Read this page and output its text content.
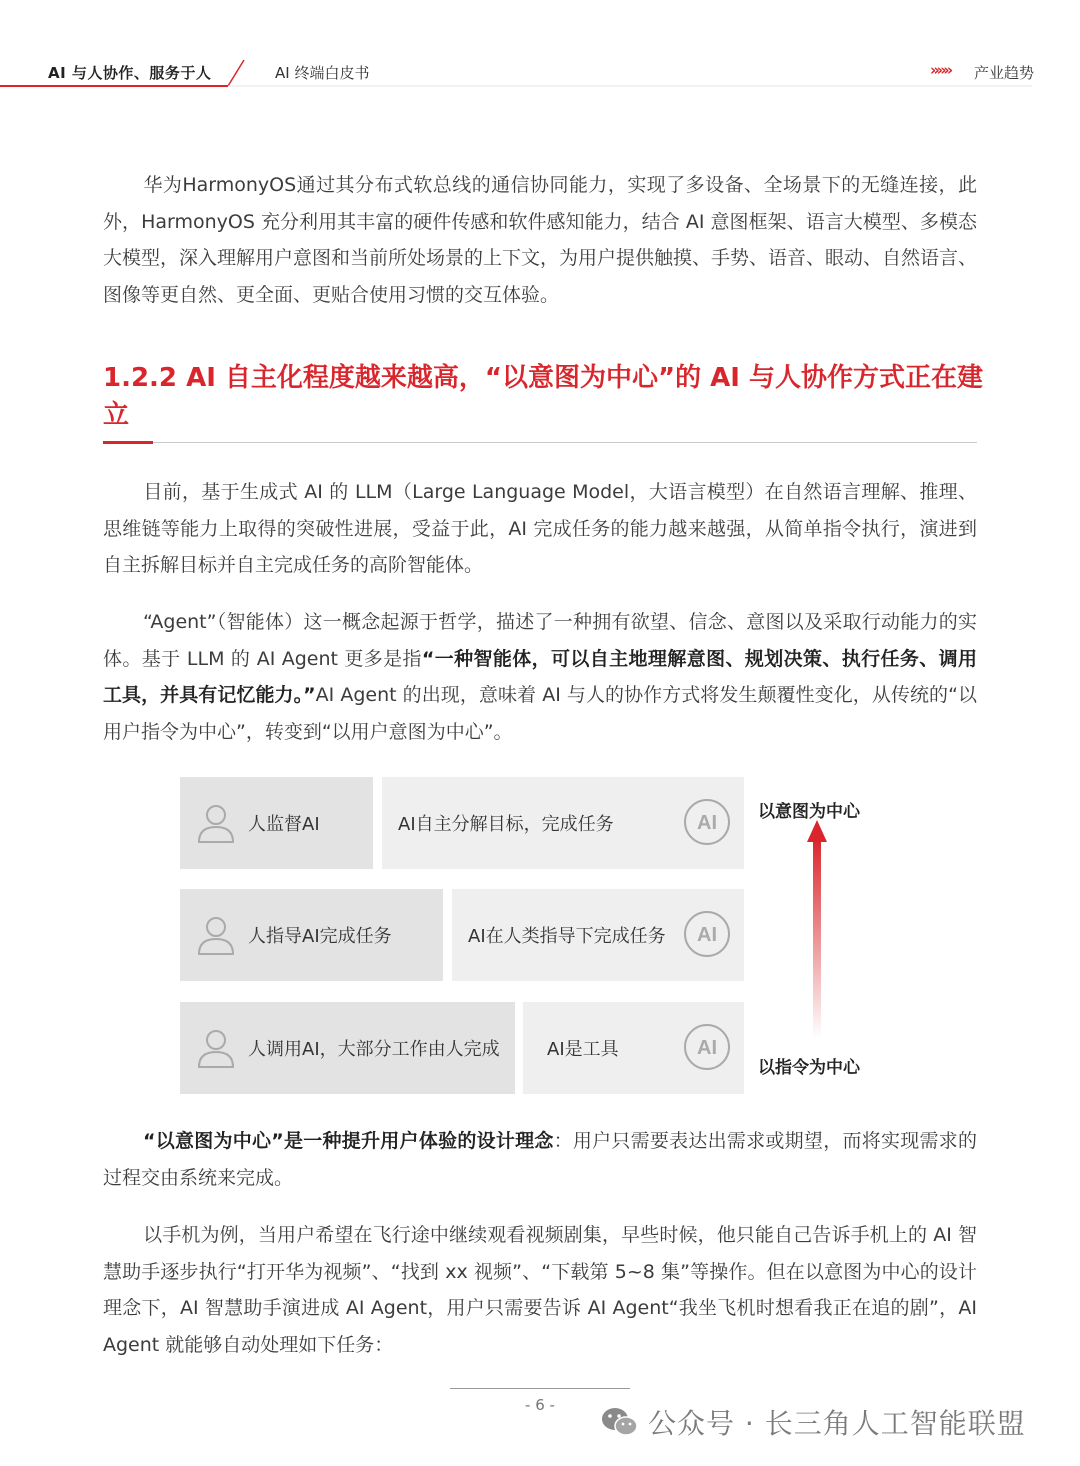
AI 与人协作、服务于人	AI 终端白皮书	»»» 产业趋势

华为HarmonyOS通过其分布式软总线的通信协同能力，实现了多设备、全场景下的无缝连接，此外，HarmonyOS 充分利用其丰富的硬件传感和软件感知能力，结合 AI 意图框架、语言大模型、多模态大模型，深入理解用户意图和当前所处场景的上下文，为用户提供触摸、手势、语音、眼动、自然语言、图像等更自然、更全面、更贴合使用习惯的交互体验。

1.2.2 AI 自主化程度越来越高，“以意图为中心”的 AI 与人协作方式正在建立

目前，基于生成式 AI 的 LLM（Large Language Model，大语言模型）在自然语言理解、推理、思维链等能力上取得的突破性进展，受益于此，AI 完成任务的能力越来越强，从简单指令执行，演进到自主拆解目标并自主完成任务的高阶智能体。

“Agent”（智能体）这一概念起源于哲学，描述了一种拥有欲望、信念、意图以及采取行动能力的实体。基于 LLM 的 AI Agent 更多是指“一种智能体，可以自主地理解意图、规划决策、执行任务、调用工具，并具有记忆能力。”AI Agent 的出现，意味着 AI 与人的协作方式将发生颠覆性变化，从传统的“以用户指令为中心”，转变到“以用户意图为中心”。

人监督AI	AI自主分解目标，完成任务	AI
人指导AI完成任务	AI在人类指导下完成任务 AI
人调用AI，大部分工作由人完成	AI是工具	AI
以意图为中心
以指令为中心

“以意图为中心”是一种提升用户体验的设计理念：用户只需要表达出需求或期望，而将实现需求的过程交由系统来完成。

以手机为例，当用户希望在飞行途中继续观看视频剧集，早些时候，他只能自己告诉手机上的 AI 智慧助手逐步执行“打开华为视频”、“找到 xx 视频”、“下载第 5~8 集”等操作。但在以意图为中心的设计理念下，AI 智慧助手演进成 AI Agent，用户只需要告诉 AI Agent“我坐飞机时想看我正在追的剧”，AI Agent 就能够自动处理如下任务：

- 6 -
公众号 · 长三角人工智能联盟
